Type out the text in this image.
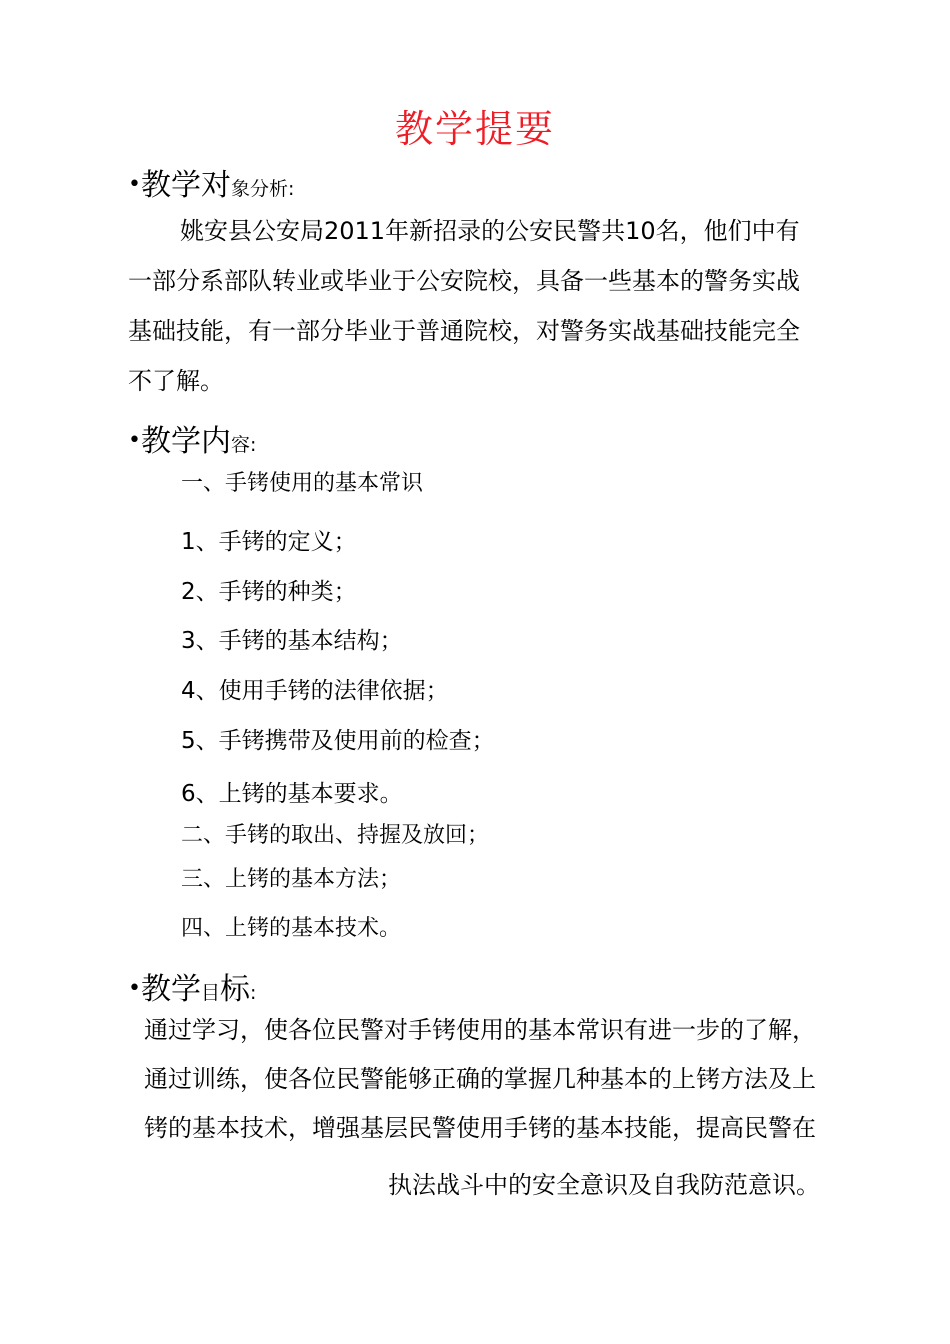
教学提要
•教学对象分析:
姚安县公安局2011年新招录的公安民警共10名，他们中有
一部分系部队转业或毕业于公安院校，具备一些基本的警务实战
基础技能，有一部分毕业于普通院校，对警务实战基础技能完全
不了解。
•教学内容:
一、手铐使用的基本常识
1、手铐的定义；
2、手铐的种类；
3、手铐的基本结构；
4、使用手铐的法律依据；
5、手铐携带及使用前的检查；
6、上铐的基本要求。
二、手铐的取出、持握及放回；
三、上铐的基本方法；
四、上铐的基本技术。
•教学目标:
通过学习，使各位民警对手铐使用的基本常识有进一步的了解，
通过训练，使各位民警能够正确的掌握几种基本的上铐方法及上
铐的基本技术，增强基层民警使用手铐的基本技能，提高民警在
执法战斗中的安全意识及自我防范意识。
